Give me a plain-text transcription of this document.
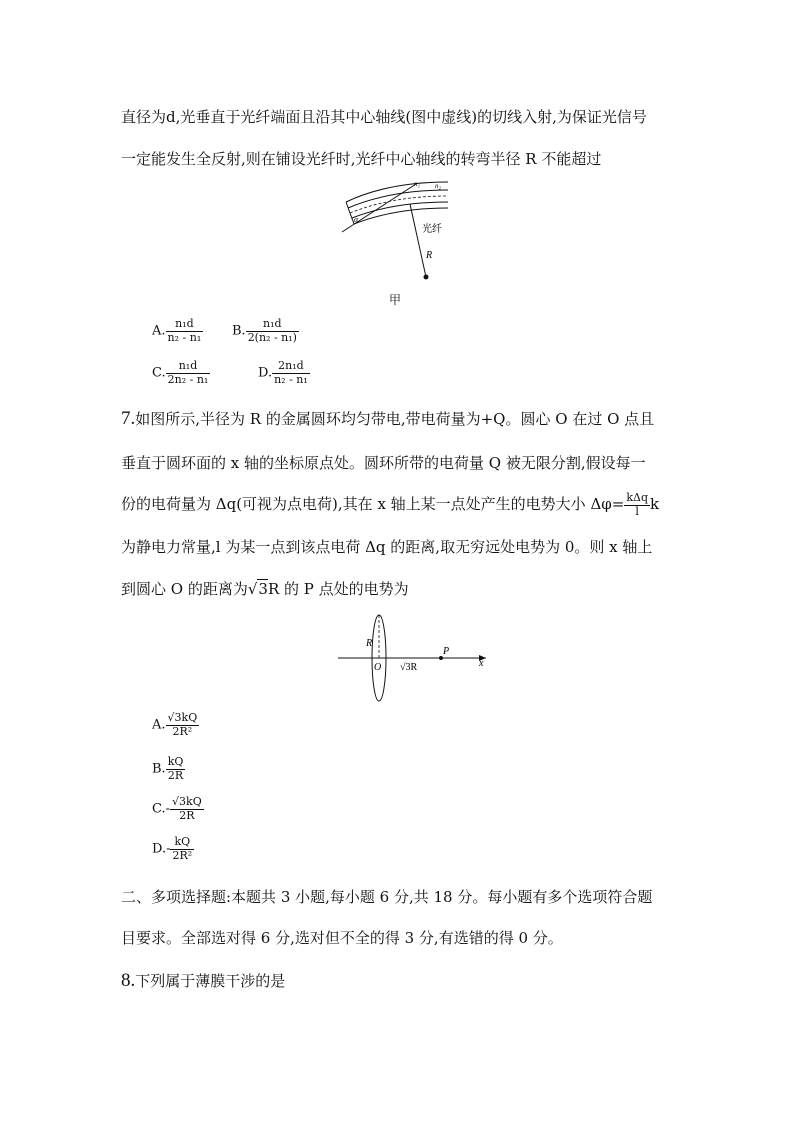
直径为d,光垂直于光纤端面且沿其中心轴线(图中虚线)的切线入射,为保证光信号
一定能发生全反射,则在铺设光纤时,光纤中心轴线的转弯半径 R 不能超过
α
n₁ n₂
光纤
R
甲
A. $\frac{\text{n₁d}}{\text{n₂ - n₁}} B$. $\frac{\text{n₁d}}{\text{2(n₂ - n₁)}}$
C. $\frac{\text{n₁d}}{\text{2n₂ - n₁}}$	D. $\frac{\text{2n₁d}}{\text{n₂ - n₁}}$
7.如图所示,半径为 R 的金属圆环均匀带电,带电荷量为+Q。圆心 O 在过 O 点且
垂直于圆环面的 x 轴的坐标原点处。圆环所带的电荷量 Q 被无限分割,假设每一
份的电荷量为 Δq(可视为点电荷),其在 x 轴上某一点处产生的电势大小 $\Delta\varphi= \frac{\text{kΔq}}{l}$ k
为静电力常量,l 为某一点到该点电荷 Δq 的距离,取无穷远处电势为 0。则 x 轴上
到圆心 O 的距离为√3R 的 P 点处的电势为
R
O √3R
P
x
A. $\frac{√3kQ}{\text{2R²}}$
B. $\frac{kQ}{2R}$
$C.- \frac{√3kQ}{2R}$
$D.- \frac{kQ}{\text{2R²}}$
二、多项选择题:本题共 3 小题,每小题 6 分,共 18 分。每小题有多个选项符合题
目要求。全部选对得 6 分,选对但不全的得 3 分,有选错的得 0 分。
8.下列属于薄膜干涉的是
